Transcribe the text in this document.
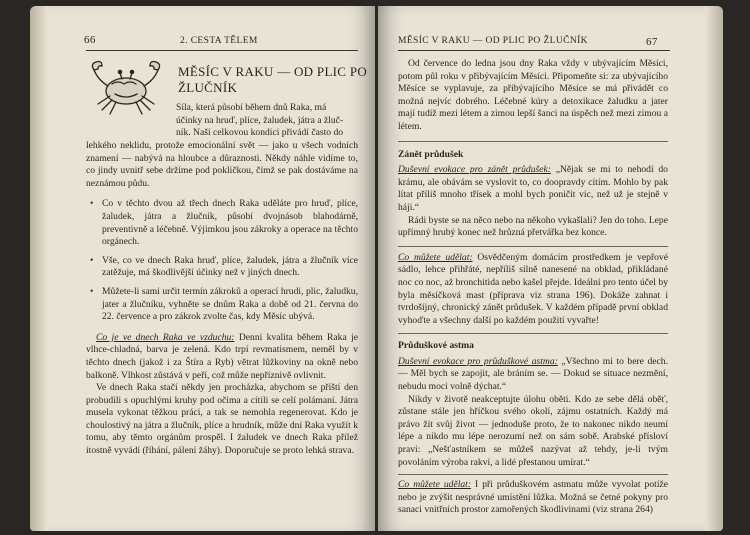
66	2. CESTA TĚLEM
MĚSÍC V RAKU — OD PLIC PO
ŽLUČNÍK
Síla, která působí během dnů Raka, má
účinky na hruď, plíce, žaludek, játra a žluč-
ník. Naši celkovou kondici přivádí často do

lehkého neklidu, protože emocionální svět — jako u všech vodních znamení — nabývá na hloubce a důraznosti. Někdy náhle vidíme to, co jindy uvnitř sebe držíme pod pokličkou, čímž se pak dostáváme na neznámou půdu.

• Co v těchto dvou až třech dnech Raka uděláte pro hruď, plíce, žaludek, játra a žlučník, působí dvojnásob blahodárně, preventivně a léčebně. Výjimkou jsou zákroky a operace na těchto orgánech.
• Vše, co ve dnech Raka hruď, plíce, žaludek, játra a žlučník více zatěžuje, má škodlivější účinky než v jiných dnech.
• Můžete-li sami určit termín zákroků a operací hrudi, plic, žaludku, jater a žlučníku, vyhněte se dnům Raka a době od 21. června do 22. července a pro zákrok zvolte čas, kdy Měsíc ubývá.

Co je ve dnech Raka ve vzduchu: Denní kvalita během Raka je vlhce-chladná, barva je zelená. Kdo trpí revmatismem, neměl by v těchto dnech (jakož i za Štíra a Ryb) větrat lůžkoviny na okně nebo balkoně. Vlhkost zůstává v peří, což může nepříznivě ovlivnit.

Ve dnech Raka stačí někdy jen procházka, abychom se příští den probudili s opuchlými kruhy pod očima a cítili se celí polámaní. Játra musela vykonat těžkou práci, a tak se nemohla regenerovat. Kdo je choulostivý na játra a žlučník, plíce a hrudník, může dní Raka využít k tomu, aby těmto orgánům prospěl. I žaludek ve dnech Raka přílež itostně vyvádí (říhání, pálení žáhy). Doporučuje se proto lehká strava.

MĚSÍC V RAKU — OD PLIC PO ŽLUČNÍK	67

Od července do ledna jsou dny Raka vždy v ubývajícím Měsíci, potom půl roku v přibývajícím Měsíci. Připomeňte si: za ubývajícího Měsíce se vyplavuje, za přibývajícího Měsíce se má přivádět co možná nejvíc dobrého. Léčebné kúry a detoxikace žaludku a jater mají tudíž mezi létem a zimou lepší šanci na úspěch než mezi zimou a létem.

Zánět průdušek

Duševní evokace pro zánět průdušek: „Nějak se mi to nehodí do krámu, ale obávám se vyslovit to, co doopravdy cítím. Mohlo by pak lítat příliš mnoho třísek a mohl bych poničit víc, než už je stejně v háji.“

Rádi byste se na něco nebo na někoho vykašlali? Jen do toho. Lepe upřímný hrubý konec než hrůzná přetvářka bez konce.

Co můžete udělat: Osvědčeným domácím prostředkem je vepřové sádlo, lehce přihřáté, nepříliš silně nanesené na obklad, přikládané noc co noc, až bronchitida nebo kašel přejde. Ideální pro tento účel by byla měsíčková mast (příprava viz strana 196). Dokáže zahnat i tvrdošíjný, chronický zánět průdušek. V každém případě první obklad vyhoďte a všechny další po každém použití vyvařte!

Průduškové astma

Duševní evokace pro průduškové astma: „Všechno mi to bere dech. — Měl bych se zapojit, ale bráním se. — Dokud se situace nezmění, nebudu moci volně dýchat.“

Nikdy v životě neakceptujte úlohu oběti. Kdo ze sebe dělá oběť, zůstane stále jen hříčkou svého okolí, zájmu ostatních. Každý má právo žít svůj život — jednoduše proto, že to nakonec nikdo neumí lépe a nikdo mu lépe nerozumí než on sám sobě. Arabské přísloví praví: „Nešťastníkem se můžeš nazývat až tehdy, je-li tvým povoláním výroba rakví, a lidé přestanou umírat.“

Co můžete udělat: I při průduškovém astmatu může vyvolat potíže nebo je zvýšit nesprávné umístění lůžka. Možná se četné pokyny pro sanaci vnitřních prostor zamořených škodlivinami (viz strana 264)
